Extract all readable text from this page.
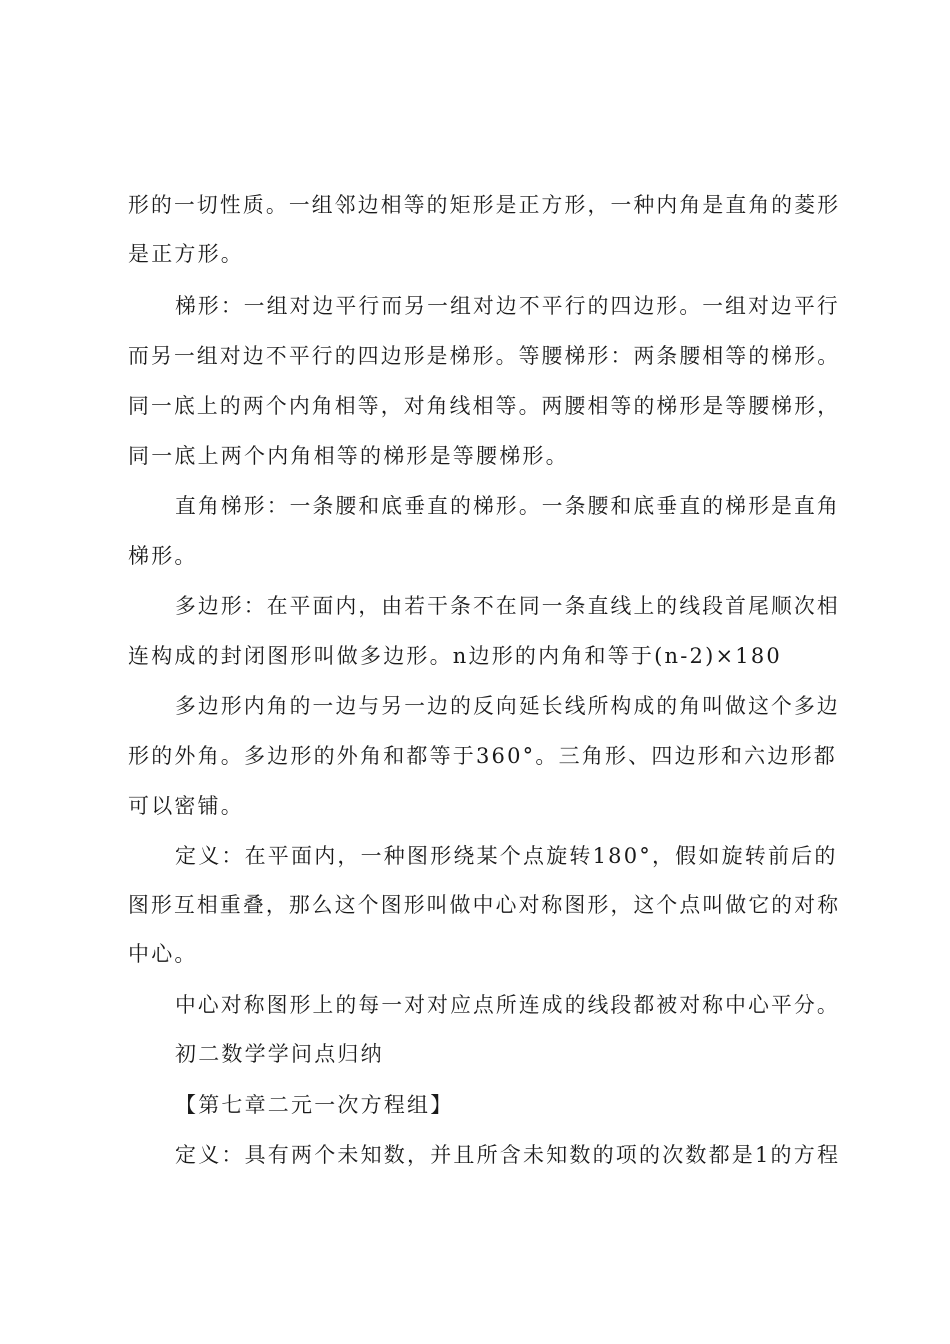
形的一切性质。一组邻边相等的矩形是正方形，一种内角是直角的菱形
是正方形。
梯形：一组对边平行而另一组对边不平行的四边形。一组对边平行
而另一组对边不平行的四边形是梯形。等腰梯形：两条腰相等的梯形。
同一底上的两个内角相等，对角线相等。两腰相等的梯形是等腰梯形，
同一底上两个内角相等的梯形是等腰梯形。
直角梯形：一条腰和底垂直的梯形。一条腰和底垂直的梯形是直角
梯形。
多边形：在平面内，由若干条不在同一条直线上的线段首尾顺次相
连构成的封闭图形叫做多边形。n边形的内角和等于(n-2)×180
多边形内角的一边与另一边的反向延长线所构成的角叫做这个多边
形的外角。多边形的外角和都等于360°。三角形、四边形和六边形都
可以密铺。
定义：在平面内，一种图形绕某个点旋转180°，假如旋转前后的
图形互相重叠，那么这个图形叫做中心对称图形，这个点叫做它的对称
中心。
中心对称图形上的每一对对应点所连成的线段都被对称中心平分。
初二数学学问点归纳
【第七章二元一次方程组】
定义：具有两个未知数，并且所含未知数的项的次数都是1的方程
